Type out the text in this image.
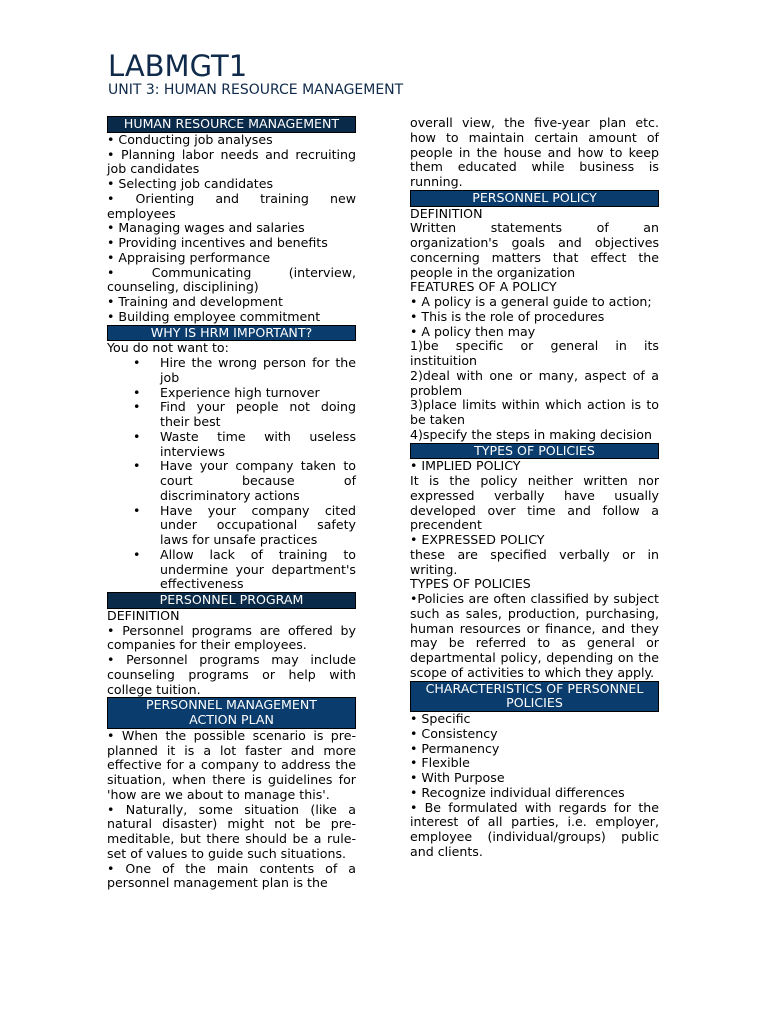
LABMGT1
UNIT 3: HUMAN RESOURCE MANAGEMENT
HUMAN RESOURCE MANAGEMENT

• Conducting job analyses

• Planning labor needs and recruiting job candidates

• Selecting job candidates

• Orienting and training new employees

• Managing wages and salaries

• Providing incentives and benefits

• Appraising performance

• Communicating (interview, counseling, disciplining)

• Training and development

• Building employee commitment

WHY IS HRM IMPORTANT?

You do not want to:

• Hire the wrong person for the job
• Experience high turnover
• Find your people not doing their best
• Waste time with useless interviews
• Have your company taken to court because of discriminatory actions
• Have your company cited under occupational safety laws for unsafe practices
• Allow lack of training to undermine your department's effectiveness
PERSONNEL PROGRAM

DEFINITION

• Personnel programs are offered by companies for their employees.

• Personnel programs may include counseling programs or help with college tuition.

PERSONNEL MANAGEMENT ACTION PLAN

• When the possible scenario is pre-planned it is a lot faster and more effective for a company to address the situation, when there is guidelines for 'how are we about to manage this'.

• Naturally, some situation (like a natural disaster) might not be pre-meditable, but there should be a rule-set of values to guide such situations.

• One of the main contents of a personnel management plan is the

overall view, the five-year plan etc. how to maintain certain amount of people in the house and how to keep them educated while business is running.

PERSONNEL POLICY

DEFINITION

Written statements of an organization's goals and objectives concerning matters that effect the people in the organization

FEATURES OF A POLICY

• A policy is a general guide to action;

• This is the role of procedures

• A policy then may

1)be specific or general in its instituition

2)deal with one or many, aspect of a problem

3)place limits within which action is to be taken

4)specify the steps in making decision

TYPES OF POLICIES

• IMPLIED POLICY

It is the policy neither written nor expressed verbally have usually developed over time and follow a precendent

• EXPRESSED POLICY

these are specified verbally or in writing.

TYPES OF POLICIES

•Policies are often classified by subject such as sales, production, purchasing, human resources or finance, and they may be referred to as general or departmental policy, depending on the scope of activities to which they apply.

CHARACTERISTICS OF PERSONNEL POLICIES

• Specific

• Consistency

• Permanency

• Flexible

• With Purpose

• Recognize individual differences

• Be formulated with regards for the interest of all parties, i.e. employer, employee (individual/groups) public and clients.
